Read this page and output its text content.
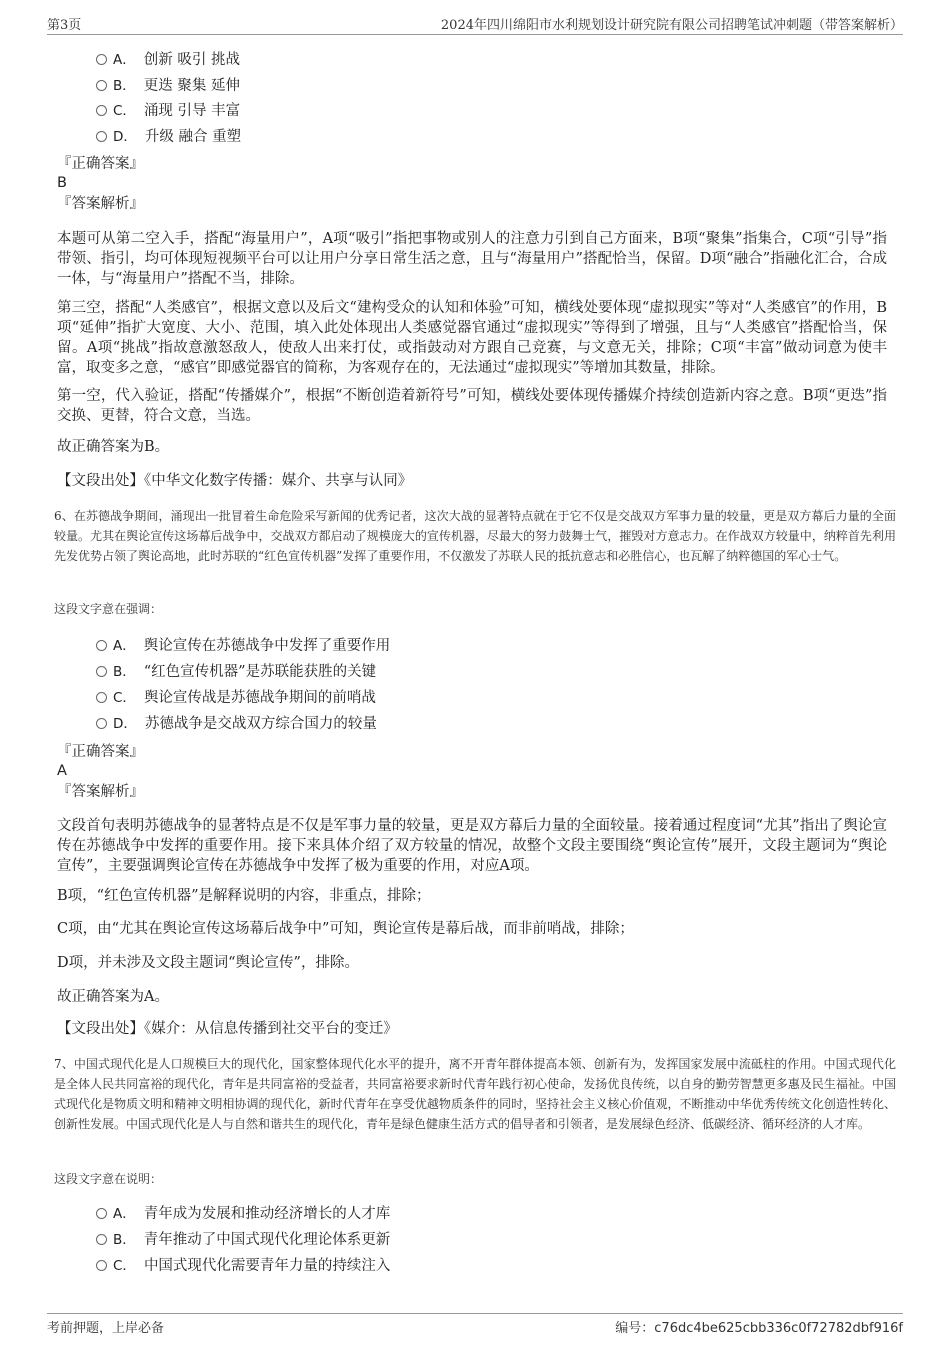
第3页	2024年四川绵阳市水利规划设计研究院有限公司招聘笔试冲刺题（带答案解析）
A． 创新 吸引 挑战
B． 更迭 聚集 延伸
C． 涌现 引导 丰富
D． 升级 融合 重塑
『正确答案』
B
『答案解析』

本题可从第二空入手，搭配“海量用户”，A项“吸引”指把事物或别人的注意力引到自己方面来，B项“聚集”指集合，C项“引导”指带领、指引，均可体现短视频平台可以让用户分享日常生活之意，且与“海量用户”搭配恰当，保留。D项“融合”指融化汇合，合成一体，与“海量用户”搭配不当，排除。

第三空，搭配“人类感官”，根据文意以及后文“建构受众的认知和体验”可知，横线处要体现“虚拟现实”等对“人类感官”的作用，B项“延伸”指扩大宽度、大小、范围，填入此处体现出人类感觉器官通过“虚拟现实”等得到了增强，且与“人类感官”搭配恰当，保留。A项“挑战”指故意激怒敌人，使敌人出来打仗，或指鼓动对方跟自己竞赛，与文意无关，排除；C项“丰富”做动词意为使丰富，取变多之意，“感官”即感觉器官的简称，为客观存在的，无法通过“虚拟现实”等增加其数量，排除。

第一空，代入验证，搭配“传播媒介”，根据“不断创造着新符号”可知，横线处要体现传播媒介持续创造新内容之意。B项“更迭”指交换、更替，符合文意，当选。

故正确答案为B。

【文段出处】《中华文化数字传播：媒介、共享与认同》

6、在苏德战争期间，涌现出一批冒着生命危险采写新闻的优秀记者，这次大战的显著特点就在于它不仅是交战双方军事力量的较量，更是双方幕后力量的全面较量。尤其在舆论宣传这场幕后战争中，交战双方都启动了规模庞大的宣传机器，尽最大的努力鼓舞士气，摧毁对方意志力。在作战双方较量中，纳粹首先利用先发优势占领了舆论高地，此时苏联的“红色宣传机器”发挥了重要作用，不仅激发了苏联人民的抵抗意志和必胜信心，也瓦解了纳粹德国的军心士气。

这段文字意在强调：
A． 舆论宣传在苏德战争中发挥了重要作用
B． “红色宣传机器”是苏联能获胜的关键
C． 舆论宣传战是苏德战争期间的前哨战
D． 苏德战争是交战双方综合国力的较量
『正确答案』
A
『答案解析』

文段首句表明苏德战争的显著特点是不仅是军事力量的较量，更是双方幕后力量的全面较量。接着通过程度词“尤其”指出了舆论宣传在苏德战争中发挥的重要作用。接下来具体介绍了双方较量的情况，故整个文段主要围绕“舆论宣传”展开，文段主题词为“舆论宣传”，主要强调舆论宣传在苏德战争中发挥了极为重要的作用，对应A项。

B项，“红色宣传机器”是解释说明的内容，非重点，排除；

C项，由“尤其在舆论宣传这场幕后战争中”可知，舆论宣传是幕后战，而非前哨战，排除；

D项，并未涉及文段主题词“舆论宣传”，排除。

故正确答案为A。

【文段出处】《媒介：从信息传播到社交平台的变迁》

7、中国式现代化是人口规模巨大的现代化，国家整体现代化水平的提升，离不开青年群体提高本领、创新有为，发挥国家发展中流砥柱的作用。中国式现代化是全体人民共同富裕的现代化，青年是共同富裕的受益者，共同富裕要求新时代青年践行初心使命，发扬优良传统，以自身的勤劳智慧更多惠及民生福祉。中国式现代化是物质文明和精神文明相协调的现代化，新时代青年在享受优越物质条件的同时，坚持社会主义核心价值观，不断推动中华优秀传统文化创造性转化、创新性发展。中国式现代化是人与自然和谐共生的现代化，青年是绿色健康生活方式的倡导者和引领者，是发展绿色经济、低碳经济、循环经济的人才库。

这段文字意在说明：
A． 青年成为发展和推动经济增长的人才库
B． 青年推动了中国式现代化理论体系更新
C． 中国式现代化需要青年力量的持续注入
考前押题，上岸必备	编号：c76dc4be625cbb336c0f72782dbf916f
